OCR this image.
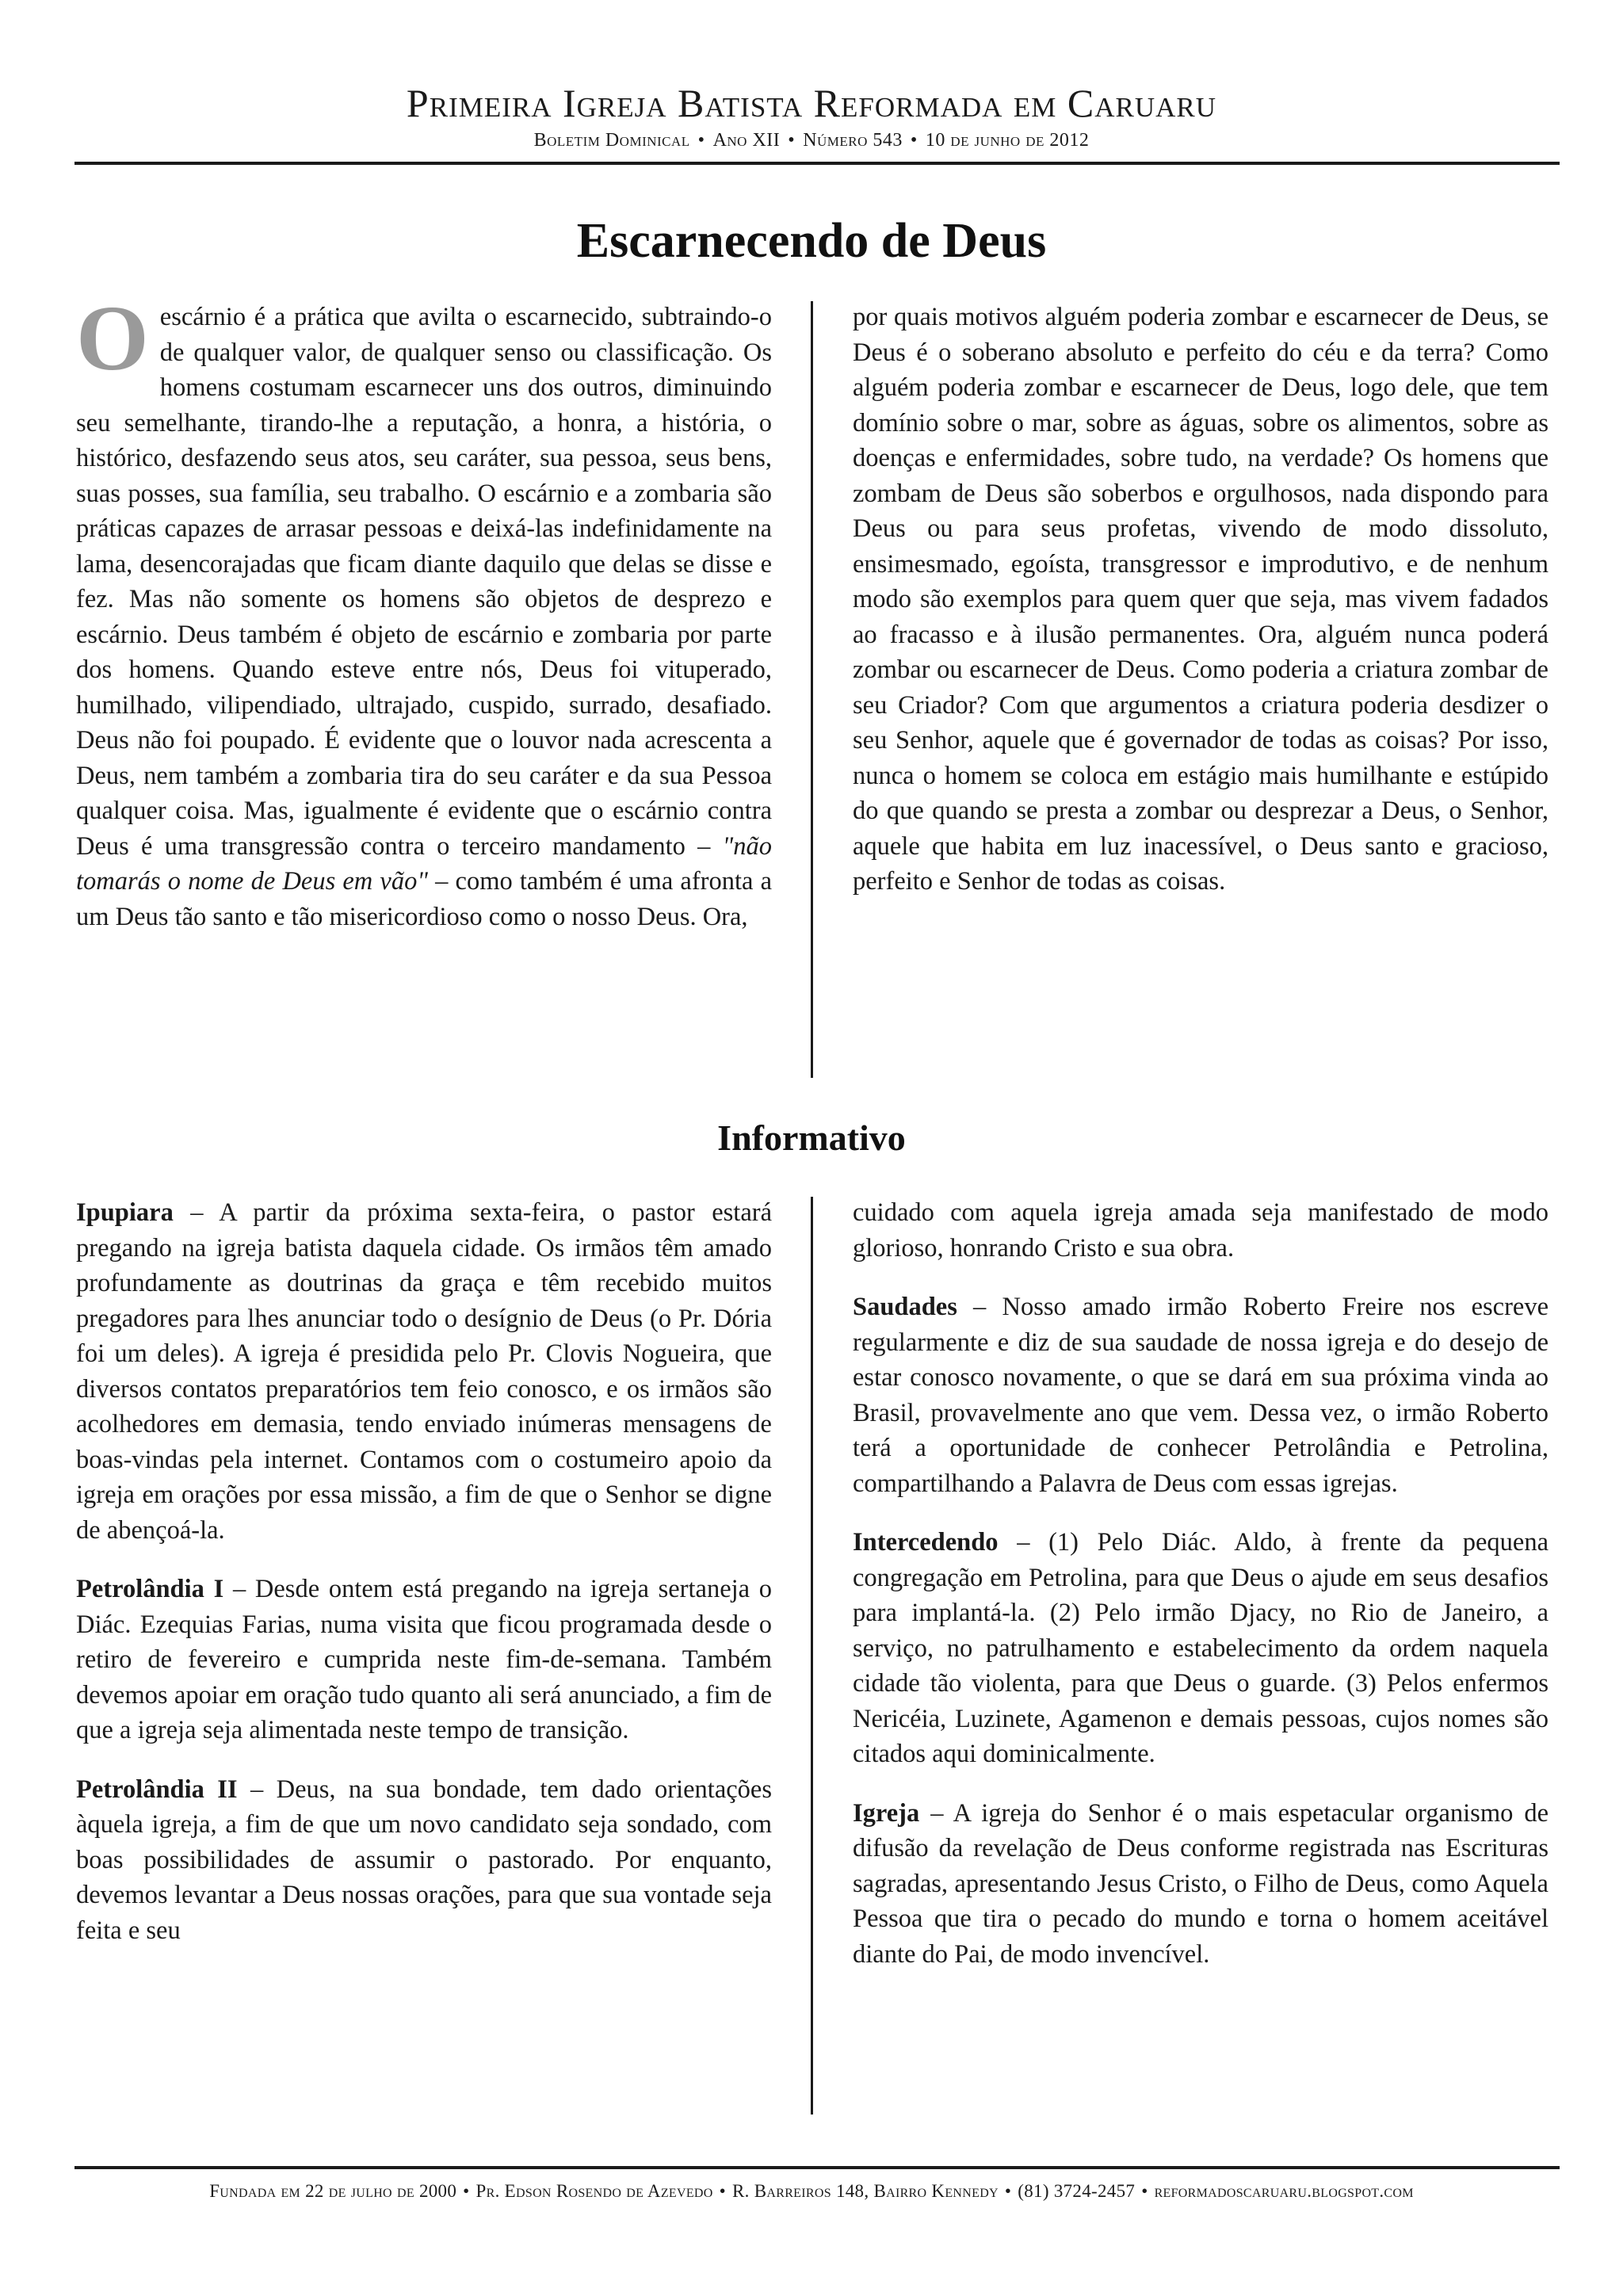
Primeira Igreja Batista Reformada em Caruaru
Boletim Dominical • Ano XII • Número 543 • 10 de junho de 2012
Escarnecendo de Deus

Oescárnio é a prática que avilta o escarnecido, subtraindo-o de qualquer valor, de qualquer senso ou classificação. Os homens costumam escarnecer uns dos outros, diminuindo seu semelhante, tirando-lhe a reputação, a honra, a história, o histórico, desfazendo seus atos, seu caráter, sua pessoa, seus bens, suas posses, sua família, seu trabalho. O escárnio e a zombaria são práticas capazes de arrasar pessoas e deixá-las indefinidamente na lama, desencorajadas que ficam diante daquilo que delas se disse e fez. Mas não somente os homens são objetos de desprezo e escárnio. Deus também é objeto de escárnio e zombaria por parte dos homens. Quando esteve entre nós, Deus foi vituperado, humilhado, vilipendiado, ultrajado, cuspido, surrado, desafiado. Deus não foi poupado. É evidente que o louvor nada acrescenta a Deus, nem também a zombaria tira do seu caráter e da sua Pessoa qualquer coisa. Mas, igualmente é evidente que o escárnio contra Deus é uma transgressão contra o terceiro mandamento – "não tomarás o nome de Deus em vão" – como também é uma afronta a um Deus tão santo e tão misericordioso como o nosso Deus. Ora,

por quais motivos alguém poderia zombar e escarnecer de Deus, se Deus é o soberano absoluto e perfeito do céu e da terra? Como alguém poderia zombar e escarnecer de Deus, logo dele, que tem domínio sobre o mar, sobre as águas, sobre os alimentos, sobre as doenças e enfermidades, sobre tudo, na verdade? Os homens que zombam de Deus são soberbos e orgulhosos, nada dispondo para Deus ou para seus profetas, vivendo de modo dissoluto, ensimesmado, egoísta, transgressor e improdutivo, e de nenhum modo são exemplos para quem quer que seja, mas vivem fadados ao fracasso e à ilusão permanentes. Ora, alguém nunca poderá zombar ou escarnecer de Deus. Como poderia a criatura zombar de seu Criador? Com que argumentos a criatura poderia desdizer o seu Senhor, aquele que é governador de todas as coisas? Por isso, nunca o homem se coloca em estágio mais humilhante e estúpido do que quando se presta a zombar ou desprezar a Deus, o Senhor, aquele que habita em luz inacessível, o Deus santo e gracioso, perfeito e Senhor de todas as coisas.

Informativo

Ipupiara – A partir da próxima sexta-feira, o pastor estará pregando na igreja batista daquela cidade. Os irmãos têm amado profundamente as doutrinas da graça e têm recebido muitos pregadores para lhes anunciar todo o desígnio de Deus (o Pr. Dória foi um deles). A igreja é presidida pelo Pr. Clovis Nogueira, que diversos contatos preparatórios tem feio conosco, e os irmãos são acolhedores em demasia, tendo enviado inúmeras mensagens de boas-vindas pela internet. Contamos com o costumeiro apoio da igreja em orações por essa missão, a fim de que o Senhor se digne de abençoá-la.

Petrolândia I – Desde ontem está pregando na igreja sertaneja o Diác. Ezequias Farias, numa visita que ficou programada desde o retiro de fevereiro e cumprida neste fim-de-semana. Também devemos apoiar em oração tudo quanto ali será anunciado, a fim de que a igreja seja alimentada neste tempo de transição.

Petrolândia II – Deus, na sua bondade, tem dado orientações àquela igreja, a fim de que um novo candidato seja sondado, com boas possibilidades de assumir o pastorado. Por enquanto, devemos levantar a Deus nossas orações, para que sua vontade seja feita e seu

cuidado com aquela igreja amada seja manifestado de modo glorioso, honrando Cristo e sua obra.

Saudades – Nosso amado irmão Roberto Freire nos escreve regularmente e diz de sua saudade de nossa igreja e do desejo de estar conosco novamente, o que se dará em sua próxima vinda ao Brasil, provavelmente ano que vem. Dessa vez, o irmão Roberto terá a oportunidade de conhecer Petrolândia e Petrolina, compartilhando a Palavra de Deus com essas igrejas.

Intercedendo – (1) Pelo Diác. Aldo, à frente da pequena congregação em Petrolina, para que Deus o ajude em seus desafios para implantá-la. (2) Pelo irmão Djacy, no Rio de Janeiro, a serviço, no patrulhamento e estabelecimento da ordem naquela cidade tão violenta, para que Deus o guarde. (3) Pelos enfermos Nericéia, Luzinete, Agamenon e demais pessoas, cujos nomes são citados aqui dominicalmente.

Igreja – A igreja do Senhor é o mais espetacular organismo de difusão da revelação de Deus conforme registrada nas Escrituras sagradas, apresentando Jesus Cristo, o Filho de Deus, como Aquela Pessoa que tira o pecado do mundo e torna o homem aceitável diante do Pai, de modo invencível.

Fundada em 22 de julho de 2000 • Pr. Edson Rosendo de Azevedo • R. Barreiros 148, Bairro Kennedy • (81) 3724-2457 • reformadoscaruaru.blogspot.com
